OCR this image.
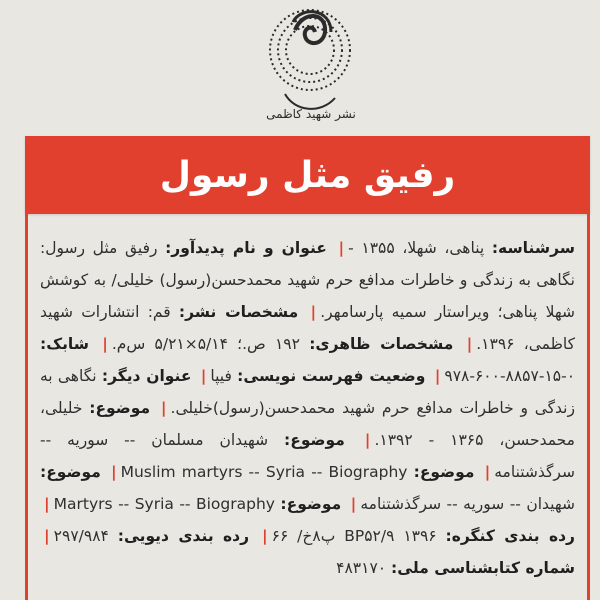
نشر شهید کاظمی
رفیق مثل رسول
سرشناسه: پناهی، شهلا، ۱۳۵۵ -| عنوان و نام پدیدآور: رفیق مثل رسول: نگاهی به زندگی و خاطرات مدافع حرم شهید محمدحسن(رسول) خلیلی/ به کوشش شهلا پناهی؛ ویراستار سمیه پارسامهر.| مشخصات نشر: قم: انتشارات شهید کاظمی، ۱۳۹۶.| مشخصات ظاهری: ۱۹۲ ص.؛ ۵/۱۴×۵/۲۱ س‌م.| شابک: ۰-۱۵-۸۸۵۷-۶۰۰-۹۷۸| وضعیت فهرست نویسی: فیپا| عنوان دیگر: نگاهی به زندگی و خاطرات مدافع حرم شهید محمدحسن(رسول)خلیلی.| موضوع: خلیلی، محمدحسن، ۱۳۶۵ - ۱۳۹۲.| موضوع: شهیدان مسلمان -- سوریه -- سرگذشتنامه| موضوع: Muslim martyrs -- Syria -- Biography| موضوع: شهیدان -- سوریه -- سرگذشتنامه| موضوع: Martyrs -- Syria -- Biography| رده بندی کنگره: BP۵۲/۹ ۱۳۹۶ پ۸خ/ ۶۶| رده بندی دیویی: ۲۹۷/۹۸۴| شماره کتابشناسی ملی: ۴۸۳۱۷۰
